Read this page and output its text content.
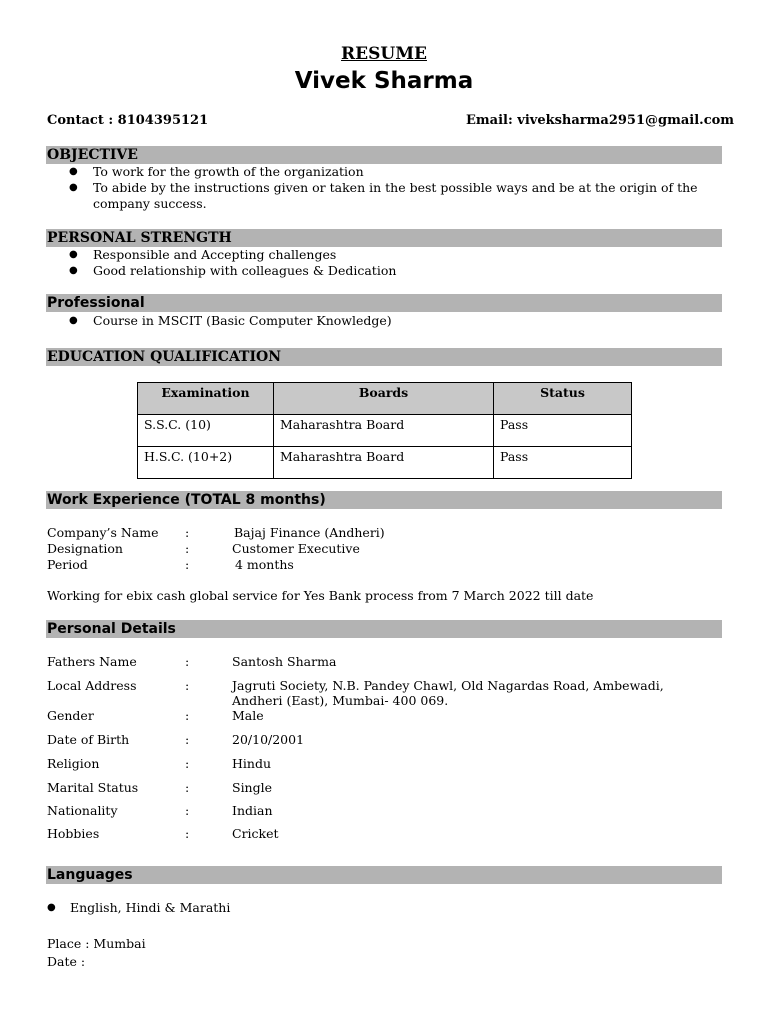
RESUME
Vivek Sharma
Contact : 8104395121	Email: viveksharma2951@gmail.com
OBJECTIVE
● To work for the growth of the organization
● To abide by the instructions given or taken in the best possible ways and be at the origin of the
company success.
PERSONAL STRENGTH
● Responsible and Accepting challenges
● Good relationship with colleagues & Dedication
Professional
● Course in MSCIT (Basic Computer Knowledge)
EDUCATION QUALIFICATION
Examination	Boards	Status
S.S.C. (10)	Maharashtra Board	Pass
H.S.C. (10+2)	Maharashtra Board	Pass
Work Experience (TOTAL 8 months)
Company’s Name :	Bajaj Finance (Andheri)
Designation	:	Customer Executive
Period	:	4 months
Working for ebix cash global service for Yes Bank process from 7 March 2022 till date
Personal Details
Fathers Name	:	Santosh Sharma
Local Address	:	Jagruti Society, N.B. Pandey Chawl, Old Nagardas Road, Ambewadi,
Andheri (East), Mumbai- 400 069.
Gender	:	Male
Date of Birth	:	20/10/2001
Religion	:	Hindu
Marital Status	:	Single
Nationality	:	Indian
Hobbies	:	Cricket
Languages
● English, Hindi & Marathi
Place : Mumbai
Date :
